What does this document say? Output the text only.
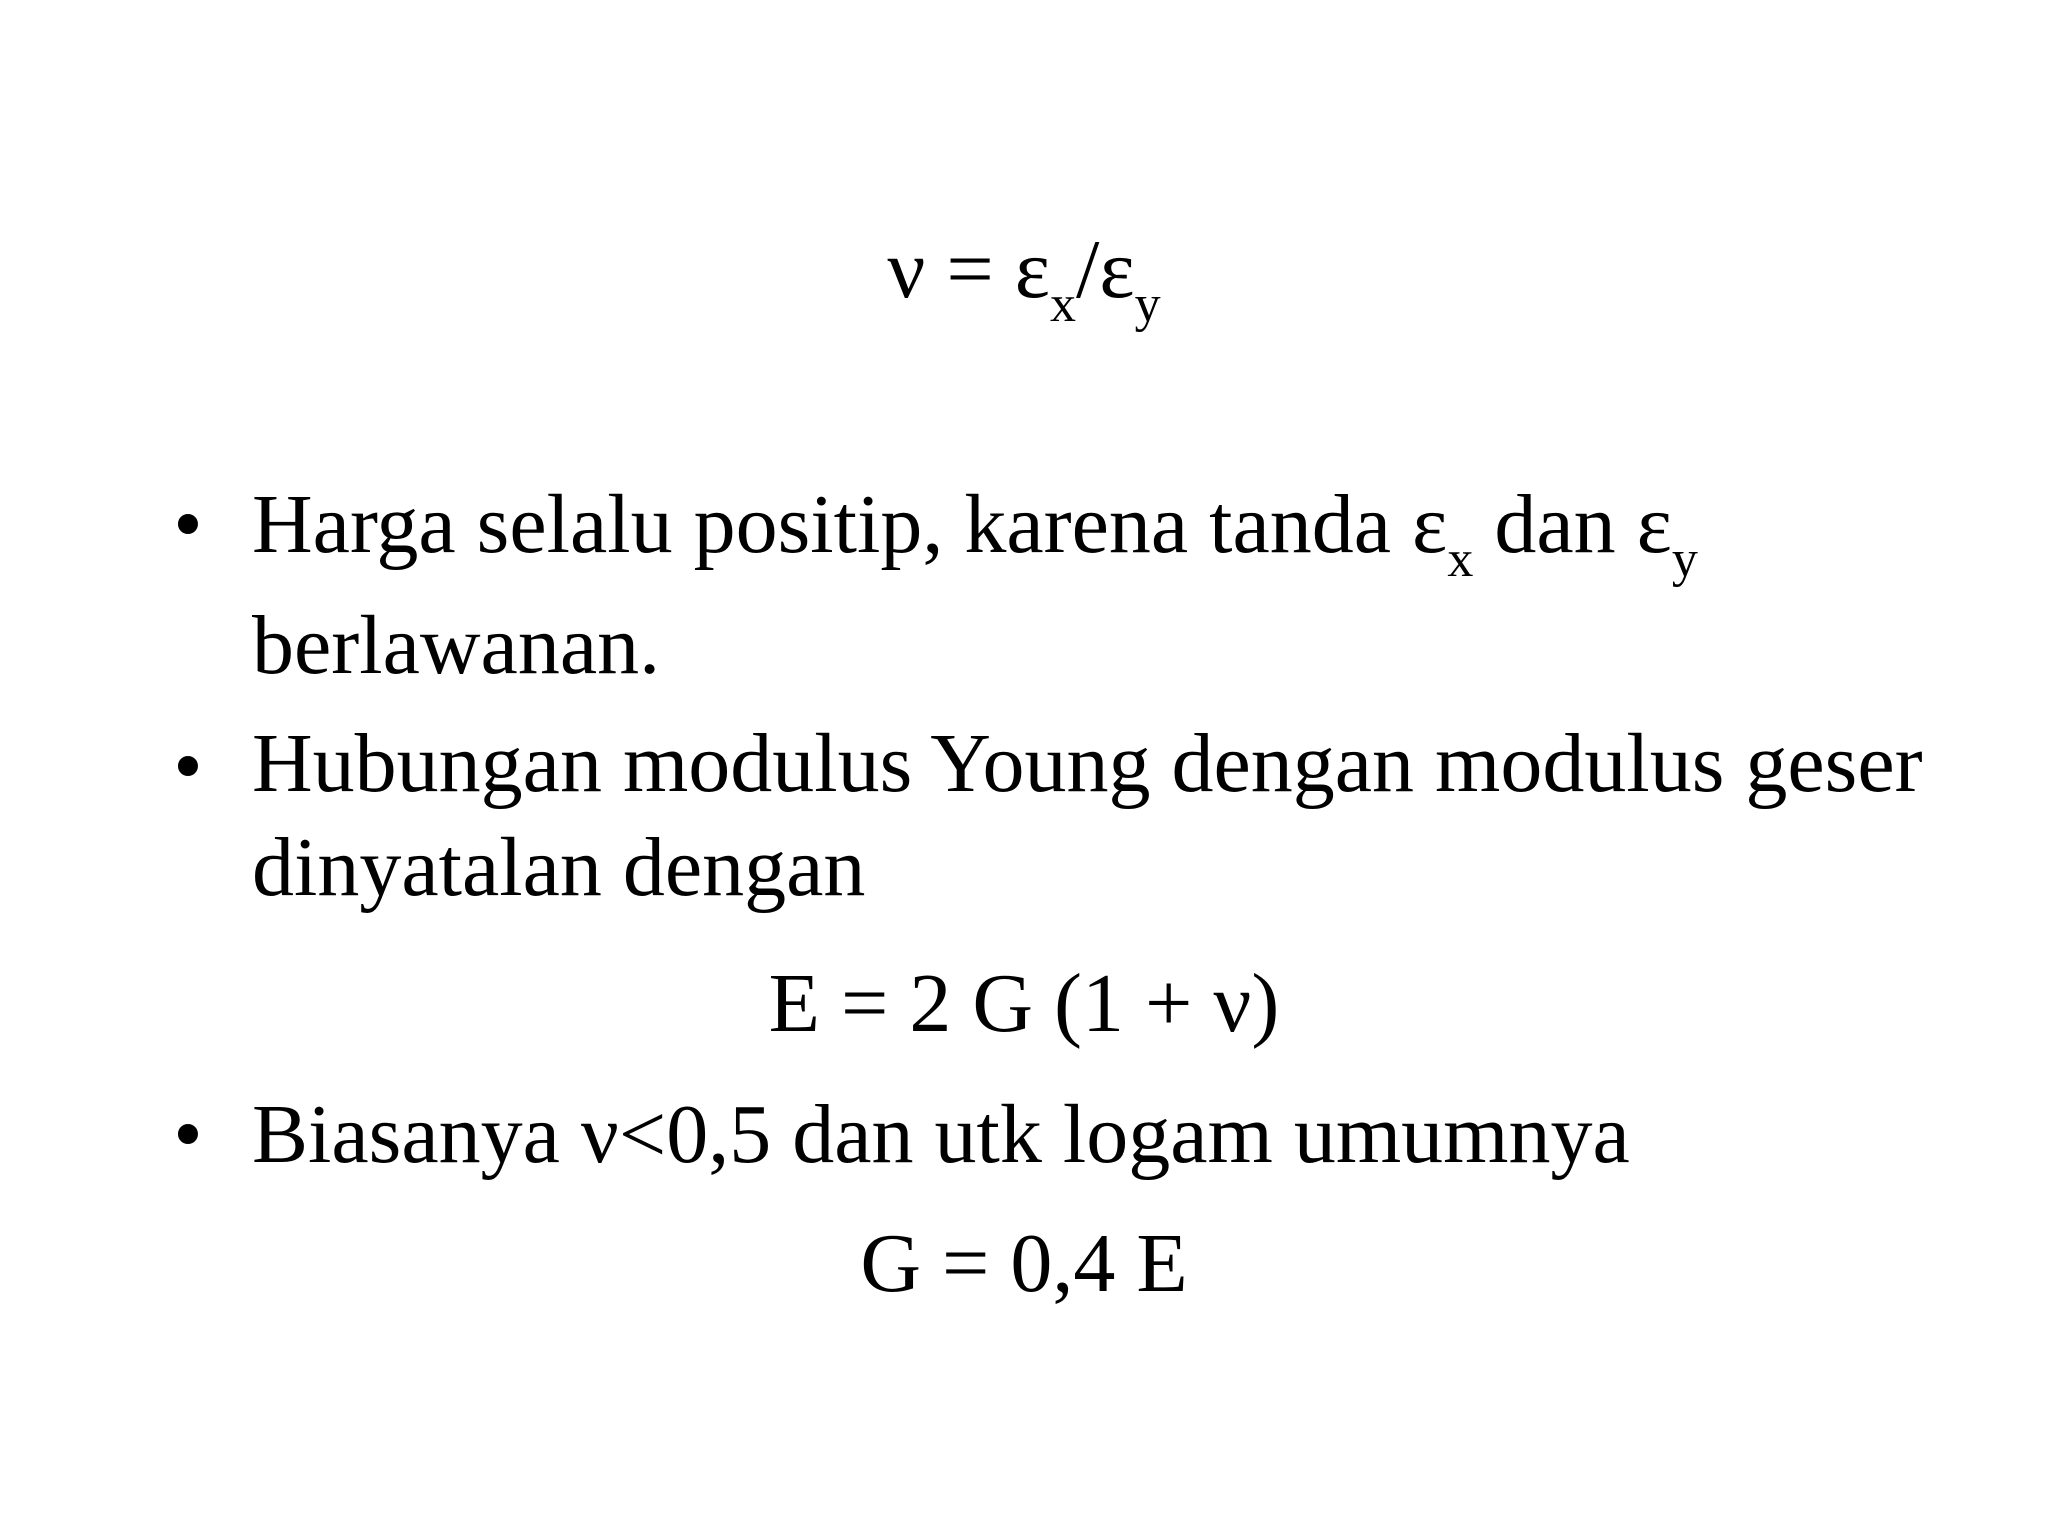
$\nu = \varepsilon_x/\varepsilon_y$
• Harga selalu positip, karena tanda $\varepsilon_x$ dan $\varepsilon_y$ berlawanan.
• Hubungan modulus Young dengan modulus geser dinyatalan dengan
E = 2 G (1 + ν)
• Biasanya ν<0,5 dan utk logam umumnya
G = 0,4 E
